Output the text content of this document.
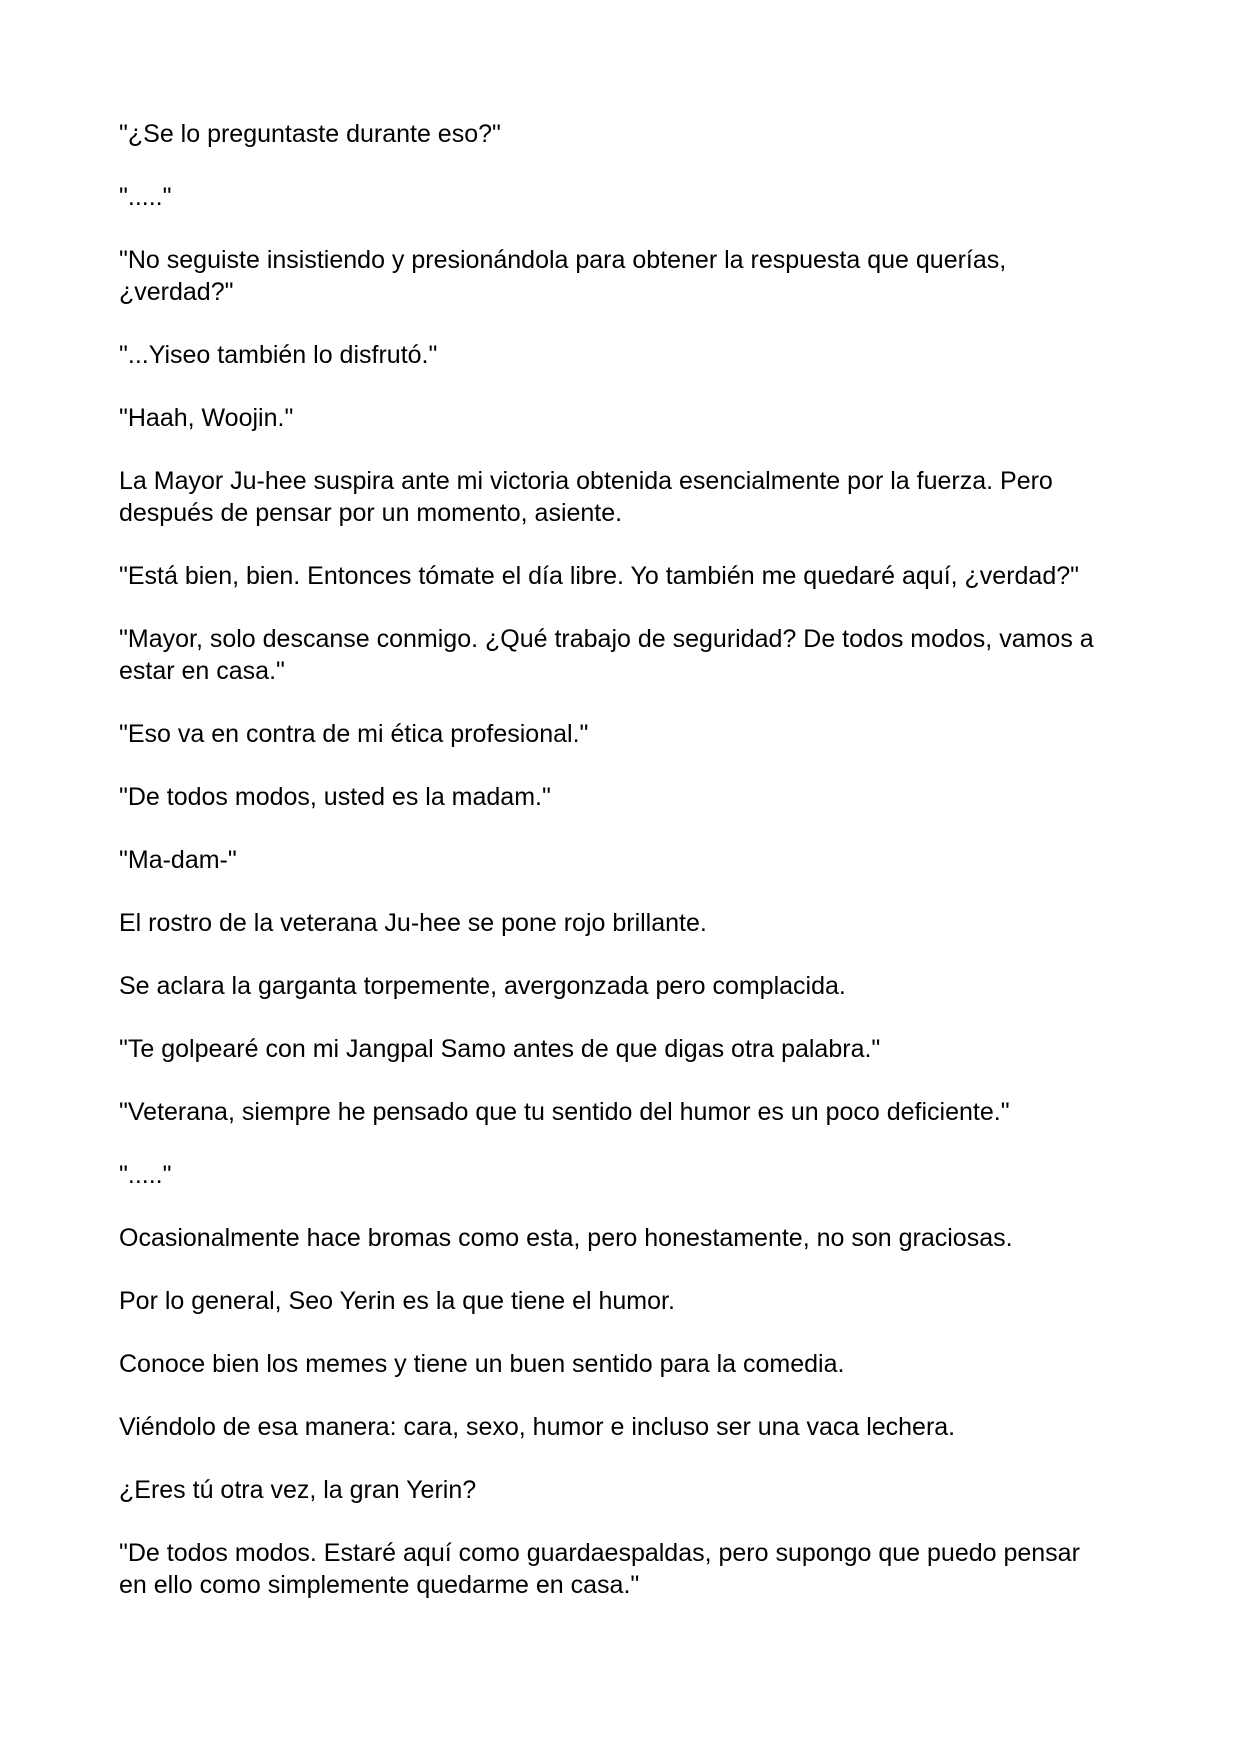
"¿Se lo preguntaste durante eso?"

"....."

"No seguiste insistiendo y presionándola para obtener la respuesta que querías, ¿verdad?"

"...Yiseo también lo disfrutó."

"Haah, Woojin."

La Mayor Ju-hee suspira ante mi victoria obtenida esencialmente por la fuerza. Pero después de pensar por un momento, asiente.

"Está bien, bien. Entonces tómate el día libre. Yo también me quedaré aquí, ¿verdad?"

"Mayor, solo descanse conmigo. ¿Qué trabajo de seguridad? De todos modos, vamos a estar en casa."

"Eso va en contra de mi ética profesional."

"De todos modos, usted es la madam."

"Ma-dam-"

El rostro de la veterana Ju-hee se pone rojo brillante.

Se aclara la garganta torpemente, avergonzada pero complacida.

"Te golpearé con mi Jangpal Samo antes de que digas otra palabra."

"Veterana, siempre he pensado que tu sentido del humor es un poco deficiente."

"....."

Ocasionalmente hace bromas como esta, pero honestamente, no son graciosas.

Por lo general, Seo Yerin es la que tiene el humor.

Conoce bien los memes y tiene un buen sentido para la comedia.

Viéndolo de esa manera: cara, sexo, humor e incluso ser una vaca lechera.

¿Eres tú otra vez, la gran Yerin?

"De todos modos. Estaré aquí como guardaespaldas, pero supongo que puedo pensar en ello como simplemente quedarme en casa."
